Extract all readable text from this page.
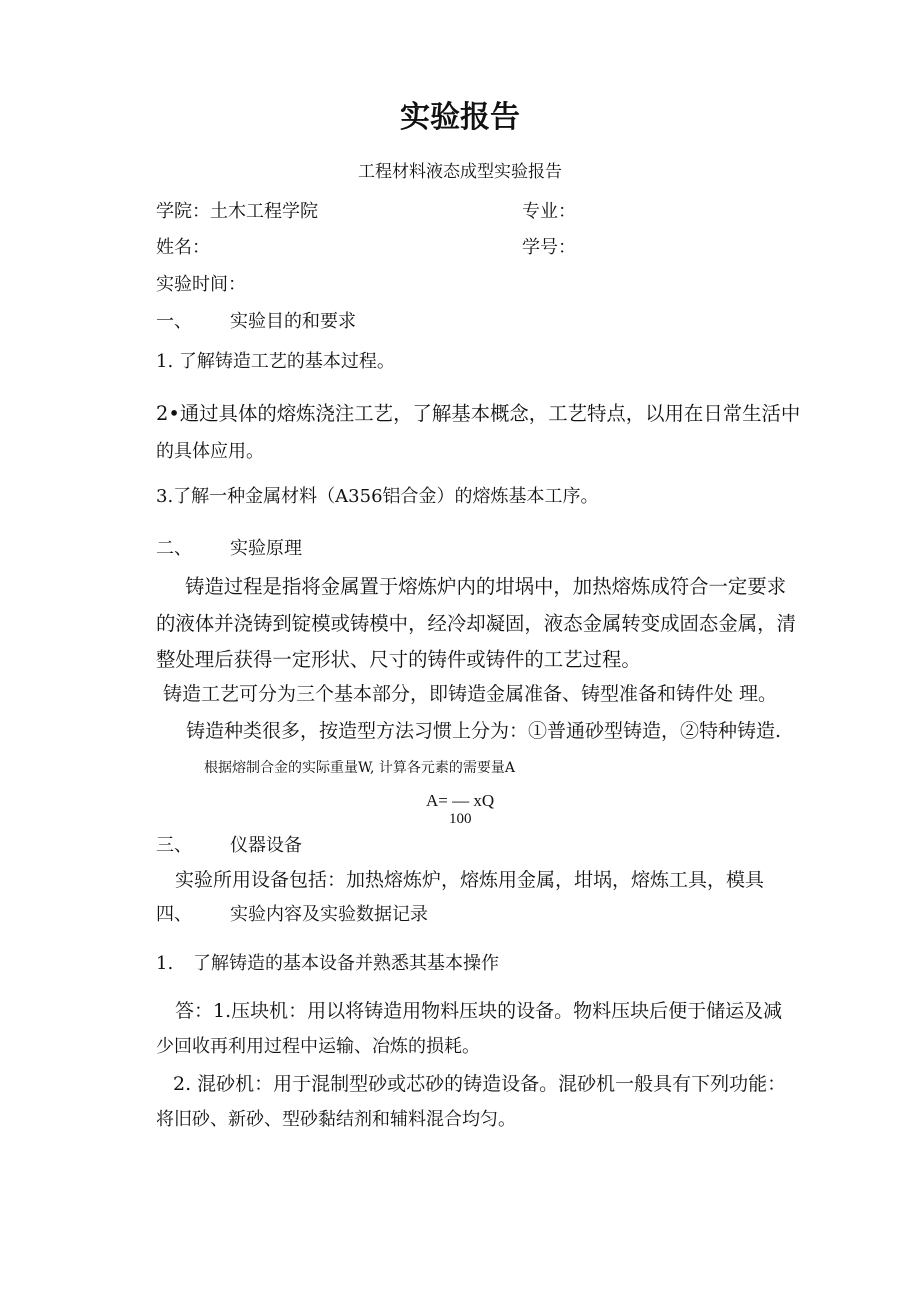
实验报告
工程材料液态成型实验报告
学院：土木工程学院	专业：
姓名：	学号：
实验时间：
一、 实验目的和要求
1. 了解铸造工艺的基本过程。
2•通过具体的熔炼浇注工艺，了解基本概念，工艺特点，以用在日常生活中
的具体应用。
3.了解一种金属材料（A356铝合金）的熔炼基本工序。
二、 实验原理
铸造过程是指将金属置于熔炼炉内的坩埚中，加热熔炼成符合一定要求
的液体并浇铸到锭模或铸模中，经冷却凝固，液态金属转变成固态金属，清
整处理后获得一定形状、尺寸的铸件或铸件的工艺过程。
铸造工艺可分为三个基本部分，即铸造金属准备、铸型准备和铸件处 理。
铸造种类很多，按造型方法习惯上分为：①普通砂型铸造，②特种铸造.
根据熔制合金的实际重量W, 计算各元素的需要量A
A= — xQ
100
三、 仪器设备
实验所用设备包括：加热熔炼炉，熔炼用金属，坩埚，熔炼工具，模具
四、 实验内容及实验数据记录
1. 了解铸造的基本设备并熟悉其基本操作
答：1.压块机：用以将铸造用物料压块的设备。物料压块后便于储运及减
少回收再利用过程中运输、冶炼的损耗。
2. 混砂机：用于混制型砂或芯砂的铸造设备。混砂机一般具有下列功能：
将旧砂、新砂、型砂黏结剂和辅料混合均匀。
